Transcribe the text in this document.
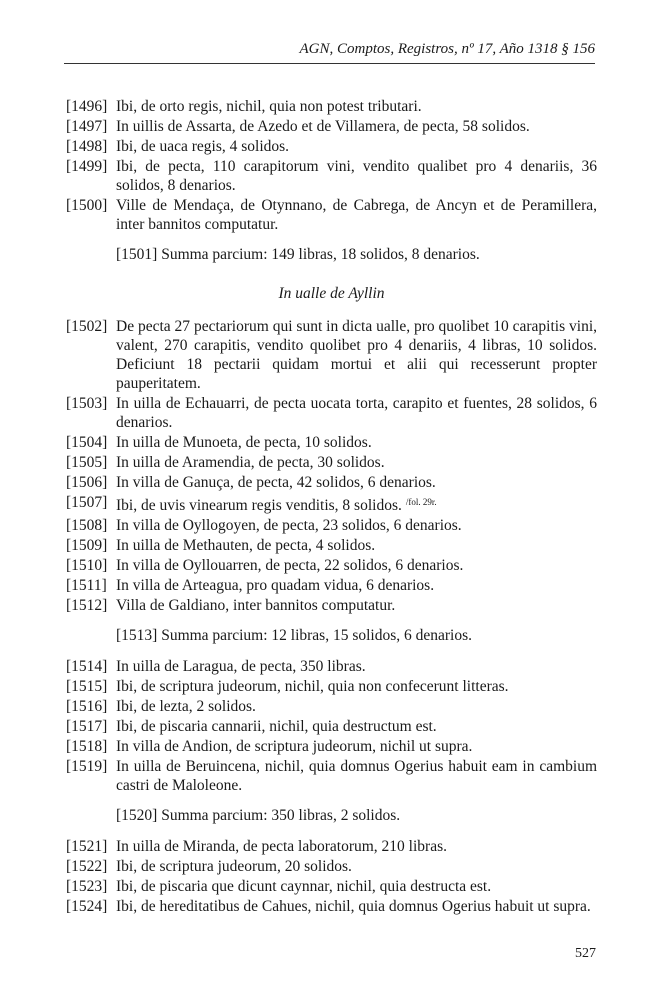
AGN, Comptos, Registros, nº 17, Año 1318 § 156
[1496] Ibi, de orto regis, nichil, quia non potest tributari.
[1497] In uillis de Assarta, de Azedo et de Villamera, de pecta, 58 solidos.
[1498] Ibi, de uaca regis, 4 solidos.
[1499] Ibi, de pecta, 110 carapitorum vini, vendito qualibet pro 4 denariis, 36 solidos, 8 denarios.
[1500] Ville de Mendaça, de Otynnano, de Cabrega, de Ancyn et de Peramillera, inter bannitos computatur.
[1501] Summa parcium: 149 libras, 18 solidos, 8 denarios.
In ualle de Ayllin
[1502] De pecta 27 pectariorum qui sunt in dicta ualle, pro quolibet 10 carapitis vini, valent, 270 carapitis, vendito quolibet pro 4 denariis, 4 libras, 10 solidos. Deficiunt 18 pectarii quidam mortui et alii qui recesserunt propter pauperitatem.
[1503] In uilla de Echauarri, de pecta uocata torta, carapito et fuentes, 28 solidos, 6 denarios.
[1504] In uilla de Munoeta, de pecta, 10 solidos.
[1505] In uilla de Aramendia, de pecta, 30 solidos.
[1506] In villa de Ganuça, de pecta, 42 solidos, 6 denarios.
[1507] Ibi, de uvis vinearum regis venditis, 8 solidos. $^{/fol. 29r.}$
[1508] In villa de Oyllogoyen, de pecta, 23 solidos, 6 denarios.
[1509] In uilla de Methauten, de pecta, 4 solidos.
[1510] In villa de Oyllouarren, de pecta, 22 solidos, 6 denarios.
[1511] In villa de Arteagua, pro quadam vidua, 6 denarios.
[1512] Villa de Galdiano, inter bannitos computatur.
[1513] Summa parcium: 12 libras, 15 solidos, 6 denarios.
[1514] In uilla de Laragua, de pecta, 350 libras.
[1515] Ibi, de scriptura judeorum, nichil, quia non confecerunt litteras.
[1516] Ibi, de lezta, 2 solidos.
[1517] Ibi, de piscaria cannarii, nichil, quia destructum est.
[1518] In villa de Andion, de scriptura judeorum, nichil ut supra.
[1519] In uilla de Beruincena, nichil, quia domnus Ogerius habuit eam in cambium castri de Maloleone.
[1520] Summa parcium: 350 libras, 2 solidos.
[1521] In uilla de Miranda, de pecta laboratorum, 210 libras.
[1522] Ibi, de scriptura judeorum, 20 solidos.
[1523] Ibi, de piscaria que dicunt caynnar, nichil, quia destructa est.
[1524] Ibi, de hereditatibus de Cahues, nichil, quia domnus Ogerius habuit ut supra.
527
